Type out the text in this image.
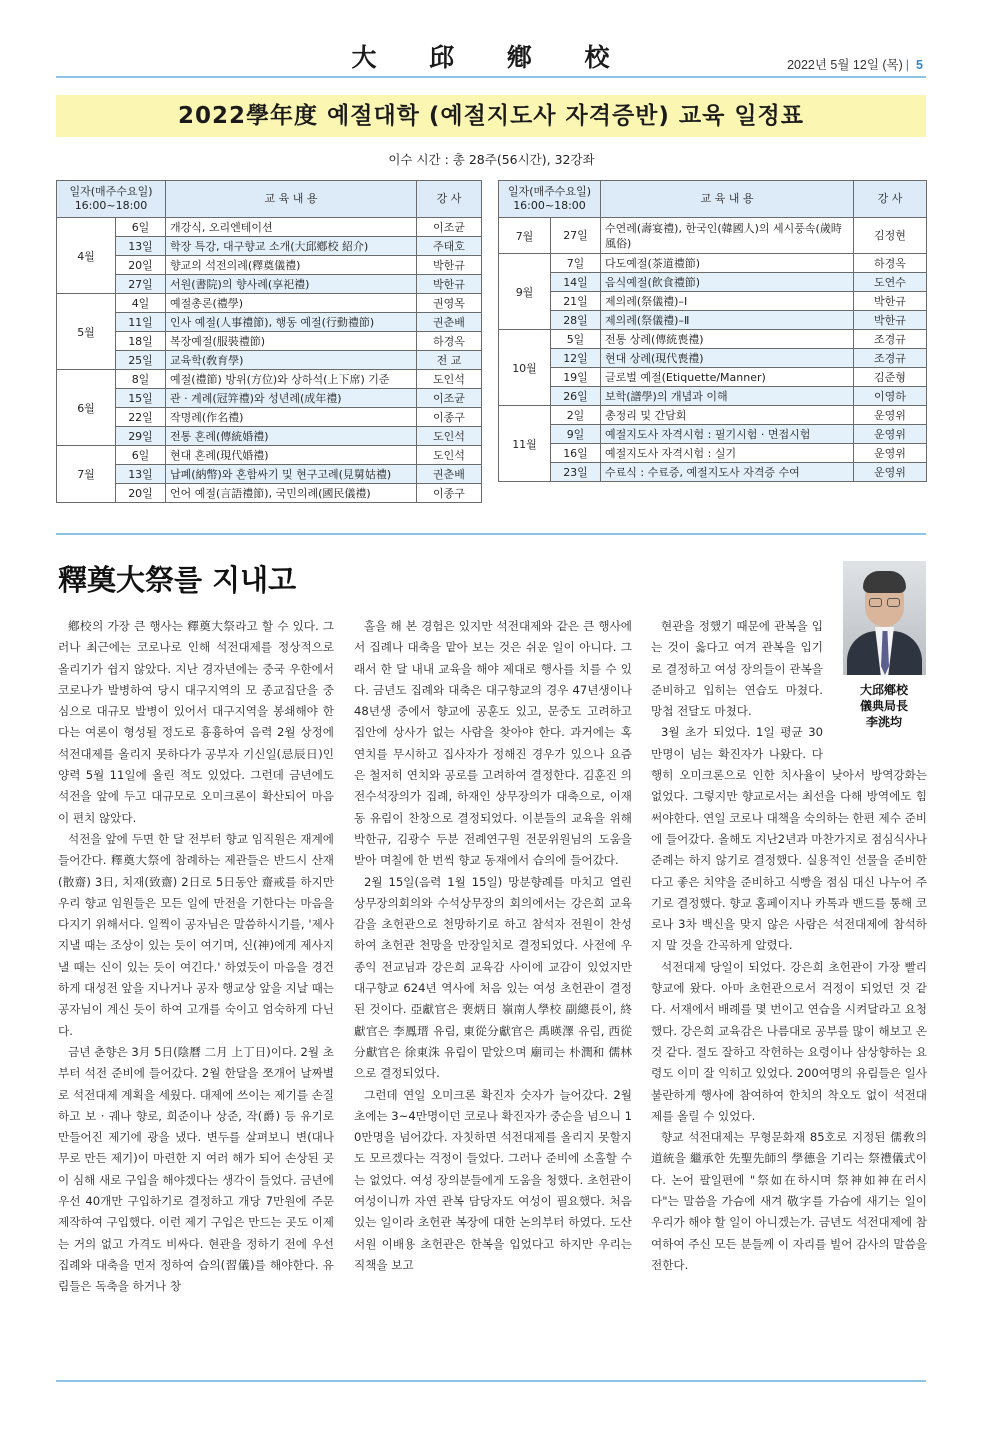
大 邱 鄕 校	2022년 5월 12일 (목) | 5
2022學年度 예절대학 (예절지도사 자격증반) 교육 일정표
이수 시간 : 총 28주(56시간), 32강좌
일자(매주수요일)
16:00~18:00		교 육 내 용	강 사
4월	6일	개강식, 오리엔테이션	이조균
	13일	학장 특강, 대구향교 소개(大邱鄕校 紹介)	주태호
	20일	향교의 석전의례(釋奠儀禮)	박한규
	27일	서원(書院)의 향사례(享祀禮)	박한규
5월	4일	예절총론(禮學)	권영목
	11일	인사 예절(人事禮節), 행동 예절(行動禮節)	권춘배
	18일	복장예절(服裝禮節)	하경옥
	25일	교육학(敎育學)	전 교
6월	8일	예절(禮節) 방위(方位)와 상하석(上下席) 기준	도인석
	15일	관 · 계례(冠笄禮)와 성년례(成年禮)	이조균
	22일	작명례(作名禮)	이종구
	29일	전통 혼례(傳統婚禮)	도인석
7월	6일	현대 혼례(現代婚禮)	도인석
	13일	납폐(納幣)와 혼함싸기 및 현구고례(見舅姑禮)	권춘배
	20일	언어 예절(言語禮節), 국민의례(國民儀禮)	이종구
일자(매주수요일)
16:00~18:00		교 육 내 용	강 사
7월	27일	수연례(壽宴禮), 한국인(韓國人)의 세시풍속(歲時風俗)	김정현
9월	7일	다도예절(茶道禮節)	하경옥
	14일	음식예절(飮食禮節)	도연수
	21일	제의례(祭儀禮)–Ⅰ	박한규
	28일	제의례(祭儀禮)–Ⅱ	박한규
10월	5일	전통 상례(傳統喪禮)	조경규
	12일	현대 상례(現代喪禮)	조경규
	19일	글로벌 예절(Etiquette/Manner)	김준형
	26일	보학(譜學)의 개념과 이해	이영하
11월	2일	총정리 및 간담회	운영위
	9일	예절지도사 자격시험 : 필기시험 · 면접시험	운영위
	16일	예절지도사 자격시험 : 실기	운영위
	23일	수료식 : 수료증, 예절지도사 자격증 수여	운영위
釋奠大祭를 지내고
大邱鄕校
儀典局長
李洮均

鄕校의 가장 큰 행사는 釋奠大祭라고 할 수 있다. 그러나 최근에는 코로나로 인해 석전대제를 정상적으로 올리기가 쉽지 않았다. 지난 경자년에는 중국 우한에서 코로나가 발병하여 당시 대구지역의 모 종교집단을 중심으로 대규모 발병이 있어서 대구지역을 봉쇄해야 한다는 여론이 형성될 정도로 흉흉하여 음력 2월 상정에 석전대제를 올리지 못하다가 공부자 기신일(忌辰日)인 양력 5월 11일에 올린 적도 있었다. 그런데 금년에도 석전을 앞에 두고 대규모로 오미크론이 확산되어 마음이 편치 않았다.

석전을 앞에 두면 한 달 전부터 향교 임직원은 재계에 들어간다. 釋奠大祭에 참례하는 제관들은 반드시 산재(散齋) 3日, 치재(致齋) 2日로 5日동안 齋戒를 하지만 우리 향교 임원들은 모든 일에 만전을 기한다는 마음을 다지기 위해서다. 일찍이 공자님은 말씀하시기를, '제사지낼 때는 조상이 있는 듯이 여기며, 신(神)에게 제사지낼 때는 신이 있는 듯이 여긴다.' 하였듯이 마음을 경건하게 대성전 앞을 지나거나 공자 행교상 앞을 지날 때는 공자님이 계신 듯이 하여 고개를 숙이고 엄숙하게 다닌다.

금년 춘향은 3月 5日(陰曆 二月 上丁日)이다. 2월 초부터 석전 준비에 들어갔다. 2월 한달을 쪼개어 날짜별로 석전대제 계획을 세웠다. 대제에 쓰이는 제기를 손질하고 보 · 궤나 향로, 희준이나 상준, 작(爵) 등 유기로 만들어진 제기에 광을 냈다. 변두를 살펴보니 변(대나무로 만든 제기)이 마련한 지 여러 해가 되어 손상된 곳이 심해 새로 구입을 해야겠다는 생각이 들었다. 금년에 우선 40개만 구입하기로 결정하고 개당 7만원에 주문제작하여 구입했다. 이런 제기 구입은 만드는 곳도 이제는 거의 없고 가격도 비싸다. 현관을 정하기 전에 우선 집례와 대축을 먼저 정하여 습의(習儀)를 해야한다. 유림들은 독축을 하거나 창

홀을 해 본 경험은 있지만 석전대제와 같은 큰 행사에서 집례나 대축을 맡아 보는 것은 쉬운 일이 아니다. 그래서 한 달 내내 교육을 해야 제대로 행사를 치를 수 있다. 금년도 집례와 대축은 대구향교의 경우 47년생이나 48년생 중에서 향교에 공훈도 있고, 문중도 고려하고 집안에 상사가 없는 사람을 찾아야 한다. 과거에는 혹 연치를 무시하고 집사자가 정해진 경우가 있으나 요즘은 철저히 연치와 공로를 고려하여 결정한다. 김훈진 의전수석장의가 집례, 하재인 상무장의가 대축으로, 이재동 유림이 찬창으로 결정되었다. 이분들의 교육을 위해 박한규, 김광수 두분 전례연구원 전문위원님의 도움을 받아 며칠에 한 번씩 향교 동재에서 습의에 들어갔다.

2월 15일(음력 1월 15일) 망분향례를 마치고 열린 상무장의회의와 수석상무장의 회의에서는 강은희 교육감을 초헌관으로 천망하기로 하고 참석자 전원이 찬성하여 초헌관 천망을 만장일치로 결정되었다. 사전에 우종익 전교님과 강은희 교육감 사이에 교감이 있었지만 대구향교 624년 역사에 처음 있는 여성 초헌관이 결정된 것이다. 亞獻官은 裵炳日 嶺南人學校 副總長이, 終獻官은 李鳳瑨 유림, 東從分獻官은 禹暎澤 유림, 西從分獻官은 徐東洙 유림이 맡았으며 廟司는 朴潤和 儒林으로 결정되었다.

그런데 연일 오미크론 확진자 숫자가 늘어갔다. 2월 초에는 3~4만명이던 코로나 확진자가 중순을 넘으니 10만명을 넘어갔다. 자칫하면 석전대제를 올리지 못할지도 모르겠다는 걱정이 들었다. 그러나 준비에 소홀할 수는 없었다. 여성 장의분들에게 도움을 청했다. 초헌관이 여성이니까 자연 관복 담당자도 여성이 필요했다. 처음 있는 일이라 초헌관 복장에 대한 논의부터 하였다. 도산서원 이배용 초헌관은 한복을 입었다고 하지만 우리는 직책을 보고

현관을 정했기 때문에 관복을 입는 것이 옳다고 여겨 관복을 입기로 결정하고 여성 장의들이 관복을 준비하고 입히는 연습도 마쳤다. 망첩 전달도 마쳤다.

3월 초가 되었다. 1일 평균 30만명이 넘는 확진자가 나왔다. 다행히 오미크론으로 인한 치사율이 낮아서 방역강화는 없었다. 그렇지만 향교로서는 최선을 다해 방역에도 힘써야한다. 연일 코로나 대책을 숙의하는 한편 제수 준비에 들어갔다. 올해도 지난2년과 마찬가지로 점심식사나 준례는 하지 않기로 결정했다. 실용적인 선물을 준비한다고 좋은 치약을 준비하고 식빵을 점심 대신 나누어 주기로 결정했다. 향교 홈페이지나 카톡과 밴드를 통해 코로나 3차 백신을 맞지 않은 사람은 석전대제에 참석하지 말 것을 간곡하게 알렸다.

석전대제 당일이 되었다. 강은희 초헌관이 가장 빨리 향교에 왔다. 아마 초헌관으로서 걱정이 되었던 것 같다. 서재에서 배례를 몇 번이고 연습을 시켜달라고 요청했다. 강은희 교육감은 나름대로 공부를 많이 해보고 온 것 같다. 절도 잘하고 작헌하는 요령이나 삼상향하는 요령도 이미 잘 익히고 있었다. 200여명의 유림들은 일사불란하게 행사에 참여하여 한치의 착오도 없이 석전대제를 올릴 수 있었다.

향교 석전대제는 무형문화재 85호로 지정된 儒敎의 道統을 繼承한 先聖先師의 學德을 기리는 祭禮儀式이다. 논어 팔일편에 "祭如在하시며 祭神如神在러시다"는 말씀을 가슴에 새겨 敬字를 가슴에 새기는 일이 우리가 해야 할 일이 아니겠는가. 금년도 석전대제에 참여하여 주신 모든 분들께 이 자리를 빌어 감사의 말씀을 전한다.
